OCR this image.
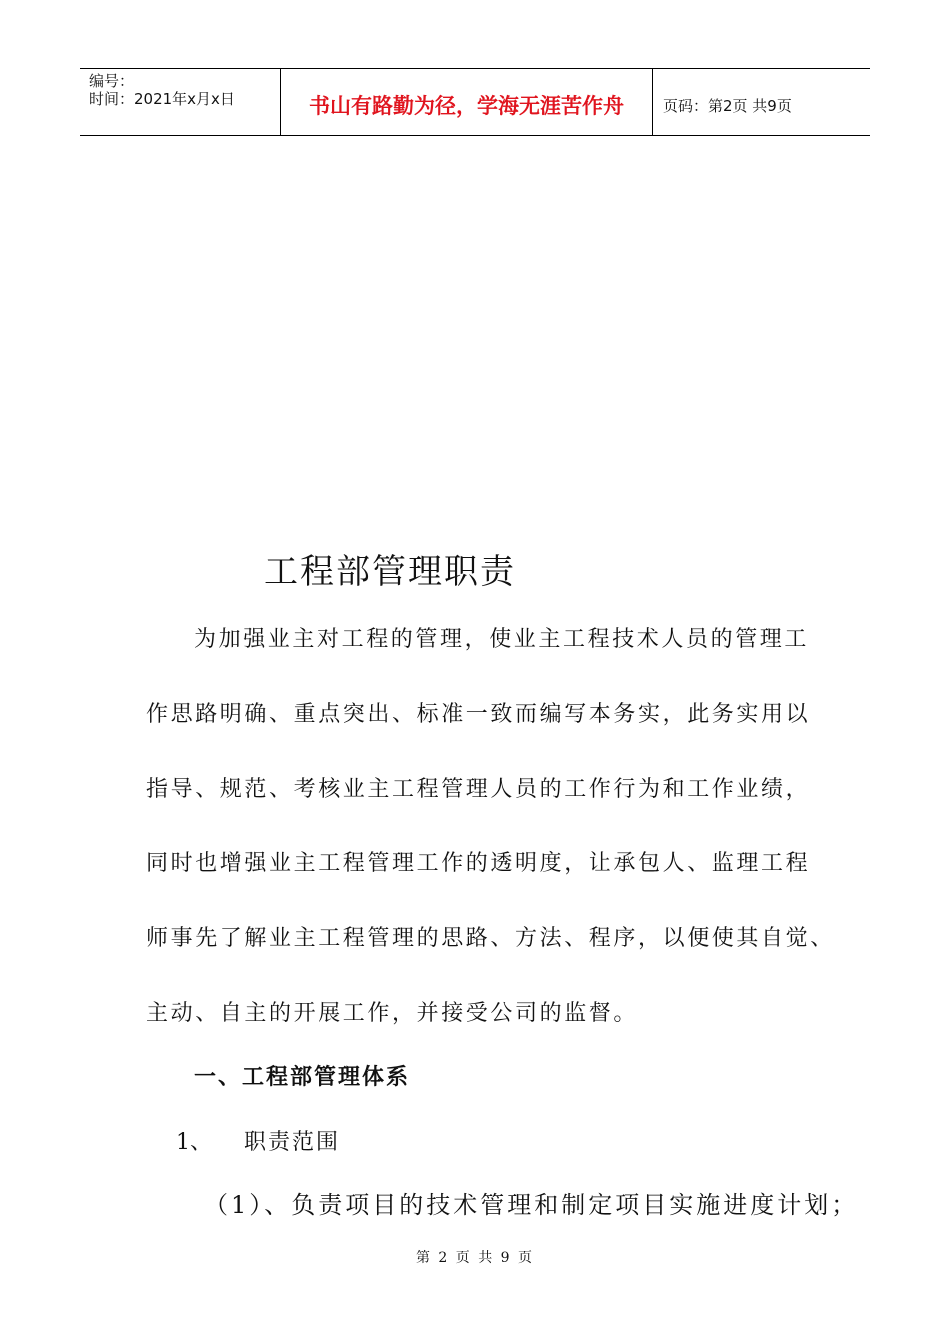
编号：
时间：2021年x月x日	书山有路勤为径，学海无涯苦作舟	页码：第2页 共9页
工程部管理职责
为加强业主对工程的管理，使业主工程技术人员的管理工
作思路明确、重点突出、标准一致而编写本务实，此务实用以
指导、规范、考核业主工程管理人员的工作行为和工作业绩，
同时也增强业主工程管理工作的透明度，让承包人、监理工程
师事先了解业主工程管理的思路、方法、程序，以便使其自觉、
主动、自主的开展工作，并接受公司的监督。
一、工程部管理体系
1、 职责范围
（1）、负责项目的技术管理和制定项目实施进度计划；
第 2 页 共 9 页
